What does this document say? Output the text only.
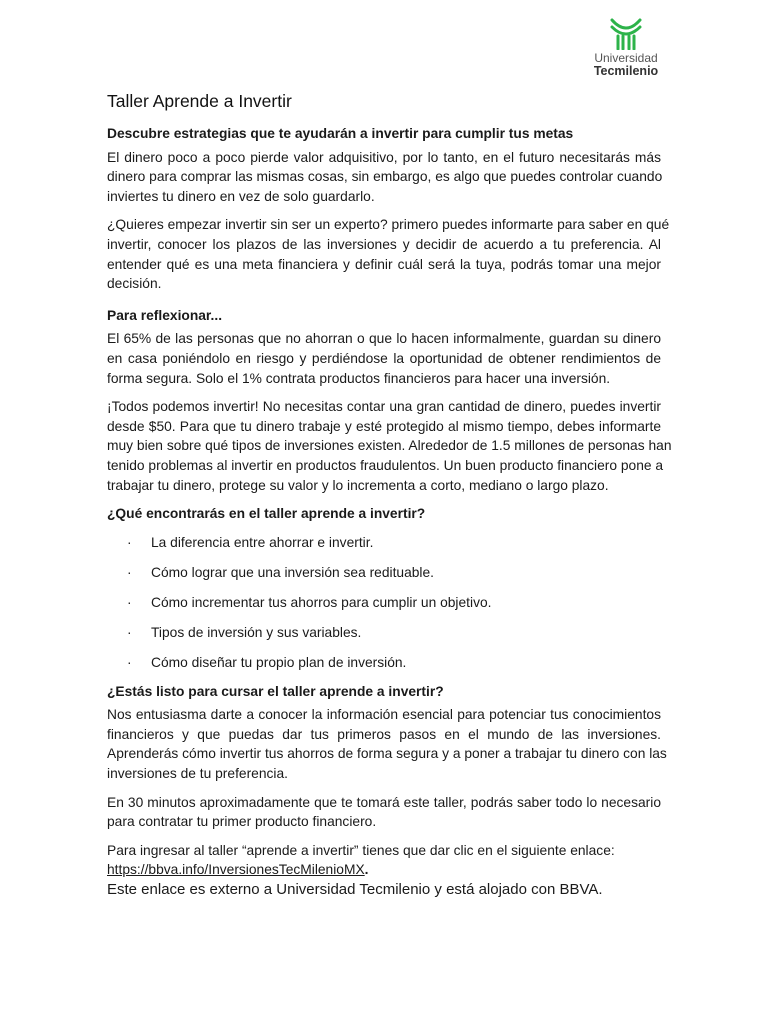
Universidad
Tecmilenio
Taller Aprende a Invertir
Descubre estrategias que te ayudarán a invertir para cumplir tus metas
El dinero poco a poco pierde valor adquisitivo, por lo tanto, en el futuro necesitarás más
dinero para comprar las mismas cosas, sin embargo, es algo que puedes controlar cuando
inviertes tu dinero en vez de solo guardarlo.
¿Quieres empezar invertir sin ser un experto? primero puedes informarte para saber en qué
invertir, conocer los plazos de las inversiones y decidir de acuerdo a tu preferencia. Al
entender qué es una meta financiera y definir cuál será la tuya, podrás tomar una mejor
decisión.
Para reflexionar...
El 65% de las personas que no ahorran o que lo hacen informalmente, guardan su dinero
en casa poniéndolo en riesgo y perdiéndose la oportunidad de obtener rendimientos de
forma segura. Solo el 1% contrata productos financieros para hacer una inversión.
¡Todos podemos invertir! No necesitas contar una gran cantidad de dinero, puedes invertir
desde $50. Para que tu dinero trabaje y esté protegido al mismo tiempo, debes informarte
muy bien sobre qué tipos de inversiones existen. Alrededor de 1.5 millones de personas han
tenido problemas al invertir en productos fraudulentos. Un buen producto financiero pone a
trabajar tu dinero, protege su valor y lo incrementa a corto, mediano o largo plazo.
¿Qué encontrarás en el taller aprende a invertir?
· La diferencia entre ahorrar e invertir.
· Cómo lograr que una inversión sea redituable.
· Cómo incrementar tus ahorros para cumplir un objetivo.
· Tipos de inversión y sus variables.
· Cómo diseñar tu propio plan de inversión.
¿Estás listo para cursar el taller aprende a invertir?
Nos entusiasma darte a conocer la información esencial para potenciar tus conocimientos
financieros y que puedas dar tus primeros pasos en el mundo de las inversiones.
Aprenderás cómo invertir tus ahorros de forma segura y a poner a trabajar tu dinero con las
inversiones de tu preferencia.
En 30 minutos aproximadamente que te tomará este taller, podrás saber todo lo necesario
para contratar tu primer producto financiero.
Para ingresar al taller “aprende a invertir” tienes que dar clic en el siguiente enlace:
https://bbva.info/InversionesTecMilenioMX.
Este enlace es externo a Universidad Tecmilenio y está alojado con BBVA.
